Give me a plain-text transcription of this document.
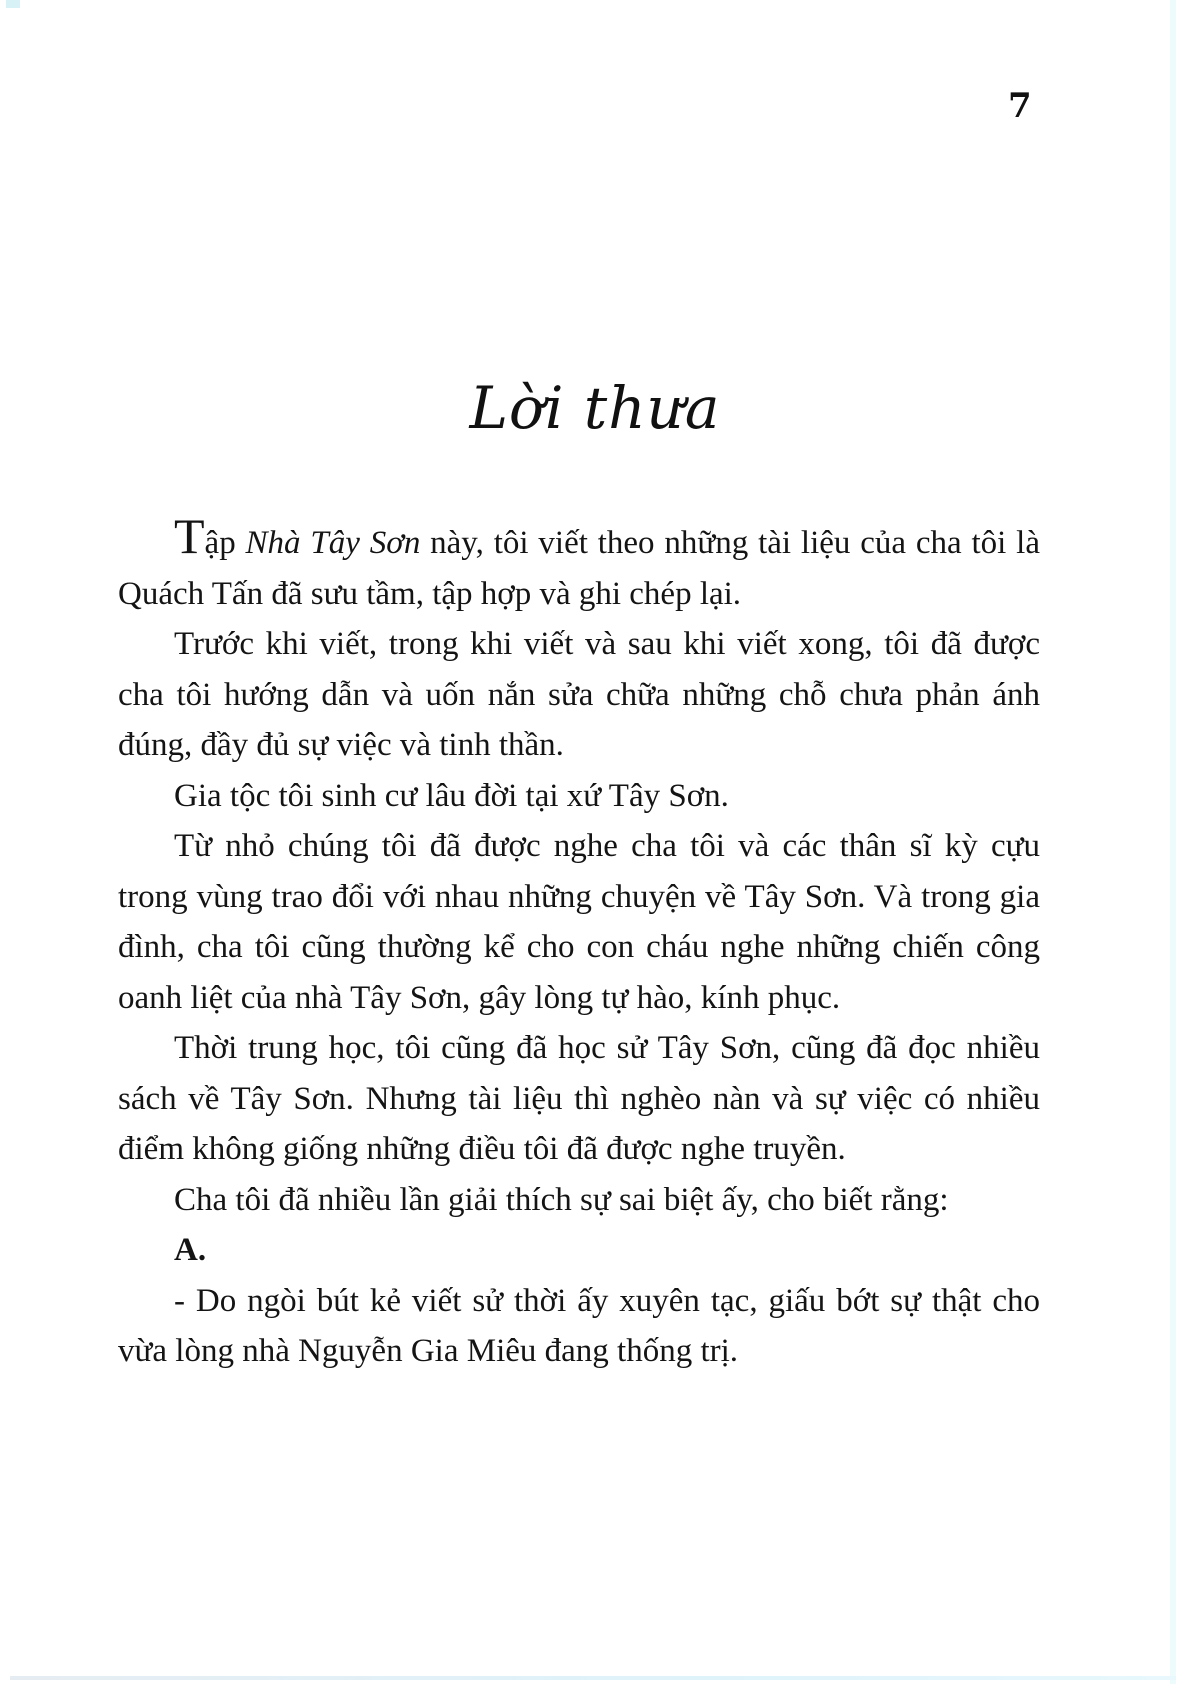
7
Lời thưa

Tập Nhà Tây Sơn này, tôi viết theo những tài liệu của cha tôi là Quách Tấn đã sưu tầm, tập hợp và ghi chép lại.

Trước khi viết, trong khi viết và sau khi viết xong, tôi đã được cha tôi hướng dẫn và uốn nắn sửa chữa những chỗ chưa phản ánh đúng, đầy đủ sự việc và tinh thần.

Gia tộc tôi sinh cư lâu đời tại xứ Tây Sơn.

Từ nhỏ chúng tôi đã được nghe cha tôi và các thân sĩ kỳ cựu trong vùng trao đổi với nhau những chuyện về Tây Sơn. Và trong gia đình, cha tôi cũng thường kể cho con cháu nghe những chiến công oanh liệt của nhà Tây Sơn, gây lòng tự hào, kính phục.

Thời trung học, tôi cũng đã học sử Tây Sơn, cũng đã đọc nhiều sách về Tây Sơn. Nhưng tài liệu thì nghèo nàn và sự việc có nhiều điểm không giống những điều tôi đã được nghe truyền.

Cha tôi đã nhiều lần giải thích sự sai biệt ấy, cho biết rằng:

A.

- Do ngòi bút kẻ viết sử thời ấy xuyên tạc, giấu bớt sự thật cho vừa lòng nhà Nguyễn Gia Miêu đang thống trị.
